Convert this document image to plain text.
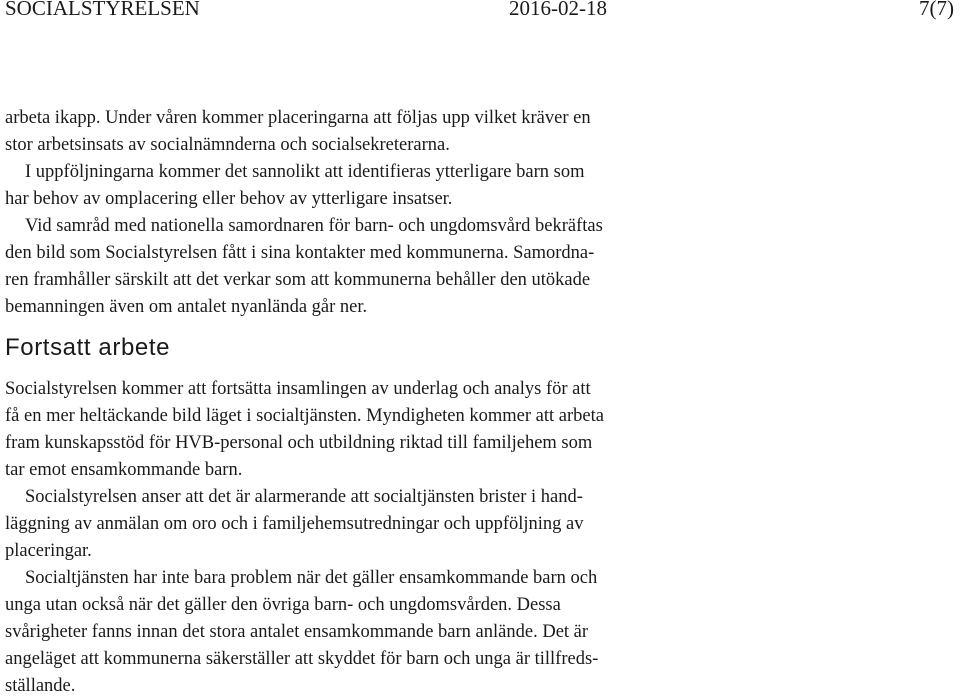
SOCIALSTYRELSEN	2016-02-18	7(7)

arbeta ikapp. Under våren kommer placeringarna att följas upp vilket kräver en
stor arbetsinsats av socialnämnderna och socialsekreterarna.
I uppföljningarna kommer det sannolikt att identifieras ytterligare barn som
har behov av omplacering eller behov av ytterligare insatser.

Vid samråd med nationella samordnaren för barn- och ungdomsvård bekräftas
den bild som Socialstyrelsen fått i sina kontakter med kommunerna. Samordna-
ren framhåller särskilt att det verkar som att kommunerna behåller den utökade
bemanningen även om antalet nyanlända går ner.

Fortsatt arbete

Socialstyrelsen kommer att fortsätta insamlingen av underlag och analys för att
få en mer heltäckande bild läget i socialtjänsten. Myndigheten kommer att arbeta
fram kunskapsstöd för HVB-personal och utbildning riktad till familjehem som
tar emot ensamkommande barn.

Socialstyrelsen anser att det är alarmerande att socialtjänsten brister i hand-
läggning av anmälan om oro och i familjehemsutredningar och uppföljning av
placeringar.

Socialtjänsten har inte bara problem när det gäller ensamkommande barn och
unga utan också när det gäller den övriga barn- och ungdomsvården. Dessa
svårigheter fanns innan det stora antalet ensamkommande barn anlände. Det är
angeläget att kommunerna säkerställer att skyddet för barn och unga är tillfreds-
ställande.
